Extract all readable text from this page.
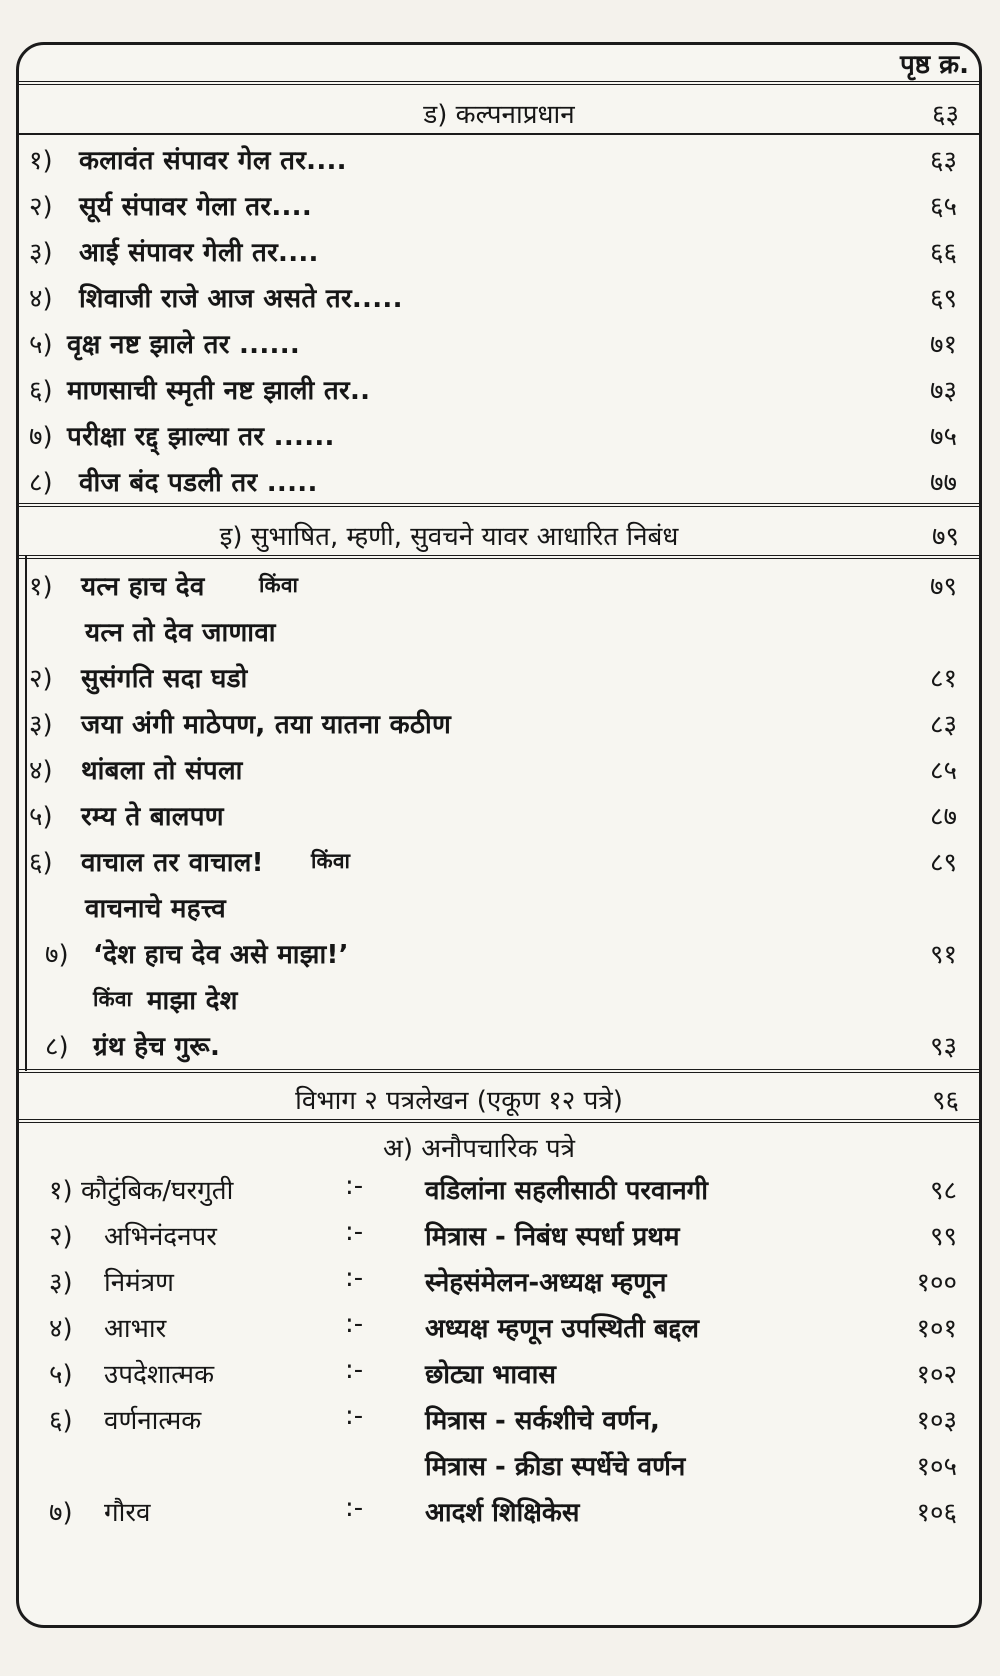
पृष्ठ क्र.
ड) कल्पनाप्रधान	६३
१) कलावंत संपावर गेल तर....	६३
२) सूर्य संपावर गेला तर....	६५
३) आई संपावर गेली तर....	६६
४) शिवाजी राजे आज असते तर.....	६९
५) वृक्ष नष्ट झाले तर ......	७१
६) माणसाची स्मृती नष्ट झाली तर..	७३
७) परीक्षा रद्द् झाल्या तर ......	७५
८) वीज बंद पडली तर .....	७७
इ) सुभाषित, म्हणी, सुवचने यावर आधारित निबंध	७९
१) यत्न हाच देव	किंवा	७९
यत्न तो देव जाणावा
२) सुसंगति सदा घडो	८१
३) जया अंगी माठेपण, तया यातना कठीण	८३
४) थांबला तो संपला	८५
५) रम्य ते बालपण	८७
६) वाचाल तर वाचाल! किंवा	८९
वाचनाचे महत्त्व
७) ‘देश हाच देव असे माझा!’	९१
किंवा माझा देश
८) ग्रंथ हेच गुरू.	९३
विभाग २ पत्रलेखन (एकूण १२ पत्रे)	९६
अ) अनौपचारिक पत्रे
१) कौटुंबिक/घरगुती	:- वडिलांना सहलीसाठी परवानगी	९८
२) अभिनंदनपर	:- मित्रास - निबंध स्पर्धा प्रथम	९९
३) निमंत्रण	:- स्नेहसंमेलन-अध्यक्ष म्हणून	१००
४) आभार	:- अध्यक्ष म्हणून उपस्थिती बद्दल	१०१
५) उपदेशात्मक	:- छोट्या भावास	१०२
६) वर्णनात्मक	:- मित्रास - सर्कशीचे वर्णन,	१०३
मित्रास - क्रीडा स्पर्धेचे वर्णन	१०५
७) गौरव	:- आदर्श शिक्षिकेस	१०६
